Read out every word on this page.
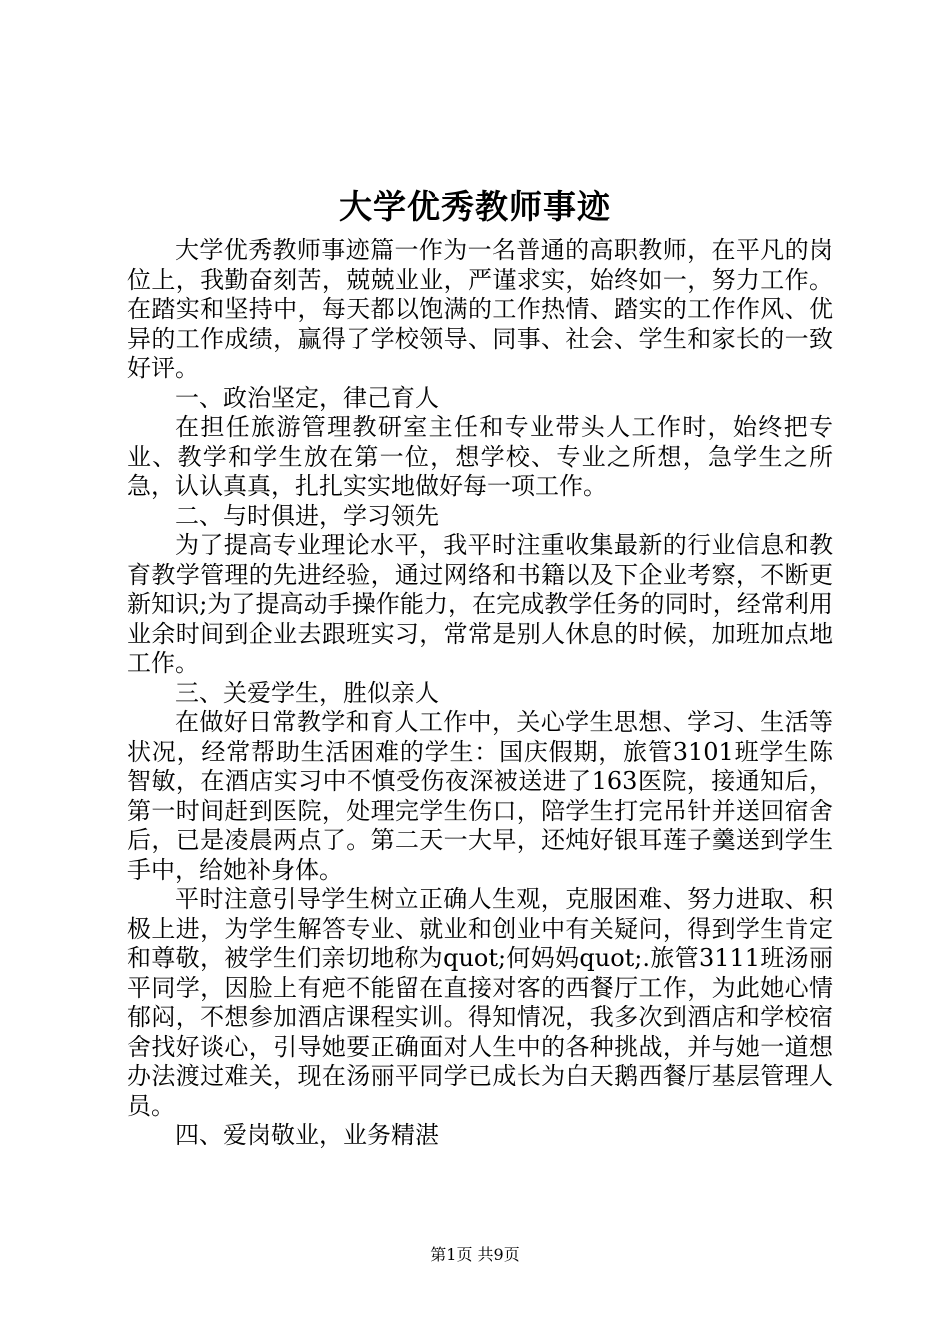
大学优秀教师事迹

大学优秀教师事迹篇一作为一名普通的高职教师，在平凡的岗位上，我勤奋刻苦，兢兢业业，严谨求实，始终如一，努力工作。在踏实和坚持中，每天都以饱满的工作热情、踏实的工作作风、优异的工作成绩，赢得了学校领导、同事、社会、学生和家长的一致好评。

一、政治坚定，律己育人

在担任旅游管理教研室主任和专业带头人工作时，始终把专业、教学和学生放在第一位，想学校、专业之所想，急学生之所急，认认真真，扎扎实实地做好每一项工作。

二、与时俱进，学习领先

为了提高专业理论水平，我平时注重收集最新的行业信息和教育教学管理的先进经验，通过网络和书籍以及下企业考察，不断更新知识;为了提高动手操作能力，在完成教学任务的同时，经常利用业余时间到企业去跟班实习，常常是别人休息的时候，加班加点地工作。

三、关爱学生，胜似亲人

在做好日常教学和育人工作中，关心学生思想、学习、生活等状况，经常帮助生活困难的学生：国庆假期，旅管3101班学生陈智敏，在酒店实习中不慎受伤夜深被送进了163医院，接通知后，第一时间赶到医院，处理完学生伤口，陪学生打完吊针并送回宿舍后，已是凌晨两点了。第二天一大早，还炖好银耳莲子羹送到学生手中，给她补身体。

平时注意引导学生树立正确人生观，克服困难、努力进取、积极上进，为学生解答专业、就业和创业中有关疑问，得到学生肯定和尊敬，被学生们亲切地称为quot;何妈妈quot;.旅管3111班汤丽平同学，因脸上有疤不能留在直接对客的西餐厅工作，为此她心情郁闷，不想参加酒店课程实训。得知情况，我多次到酒店和学校宿舍找好谈心，引导她要正确面对人生中的各种挑战，并与她一道想办法渡过难关，现在汤丽平同学已成长为白天鹅西餐厅基层管理人员。

四、爱岗敬业，业务精湛

第1页 共9页
